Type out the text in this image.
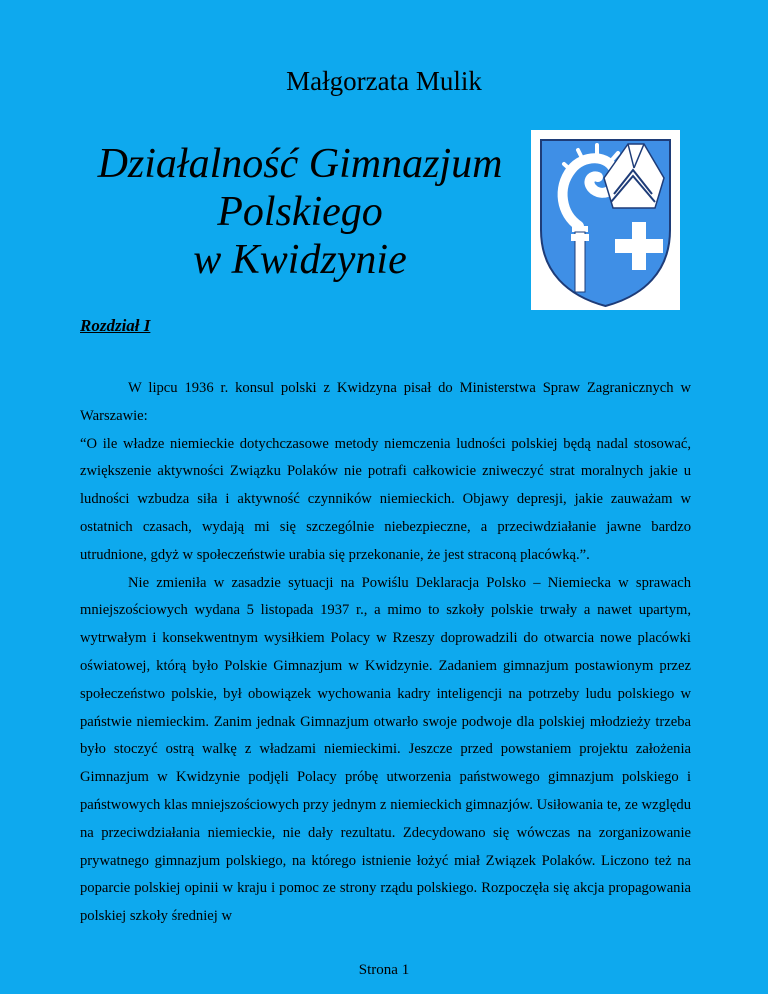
Małgorzata Mulik
Działalność Gimnazjum
Polskiego
w Kwidzynie
Rozdział I

W lipcu 1936 r. konsul polski z Kwidzyna pisał do Ministerstwa Spraw Zagranicznych w Warszawie:

“O ile władze niemieckie dotychczasowe metody niemczenia ludności polskiej będą nadal stosować, zwiększenie aktywności Związku Polaków nie potrafi całkowicie zniweczyć strat moralnych jakie u ludności wzbudza siła i aktywność czynników niemieckich. Objawy depresji, jakie zauważam w ostatnich czasach, wydają mi się szczególnie niebezpieczne, a przeciwdziałanie jawne bardzo utrudnione, gdyż w społeczeństwie urabia się przekonanie, że jest straconą placówką.”.

Nie zmieniła w zasadzie sytuacji na Powiślu Deklaracja Polsko – Niemiecka w sprawach mniejszościowych wydana 5 listopada 1937 r., a mimo to szkoły polskie trwały a nawet upartym, wytrwałym i konsekwentnym wysiłkiem Polacy w Rzeszy doprowadzili do otwarcia nowe placówki oświatowej, którą było Polskie Gimnazjum w Kwidzynie. Zadaniem gimnazjum postawionym przez społeczeństwo polskie, był obowiązek wychowania kadry inteligencji na potrzeby ludu polskiego w państwie niemieckim. Zanim jednak Gimnazjum otwarło swoje podwoje dla polskiej młodzieży trzeba było stoczyć ostrą walkę z władzami niemieckimi. Jeszcze przed powstaniem projektu założenia Gimnazjum w Kwidzynie podjęli Polacy próbę utworzenia państwowego gimnazjum polskiego i państwowych klas mniejszościowych przy jednym z niemieckich gimnazjów. Usiłowania te, ze względu na przeciwdziałania niemieckie, nie dały rezultatu. Zdecydowano się wówczas na zorganizowanie prywatnego gimnazjum polskiego, na którego istnienie łożyć miał Związek Polaków. Liczono też na poparcie polskiej opinii w kraju i pomoc ze strony rządu polskiego. Rozpoczęła się akcja propagowania polskiej szkoły średniej w

Strona 1
